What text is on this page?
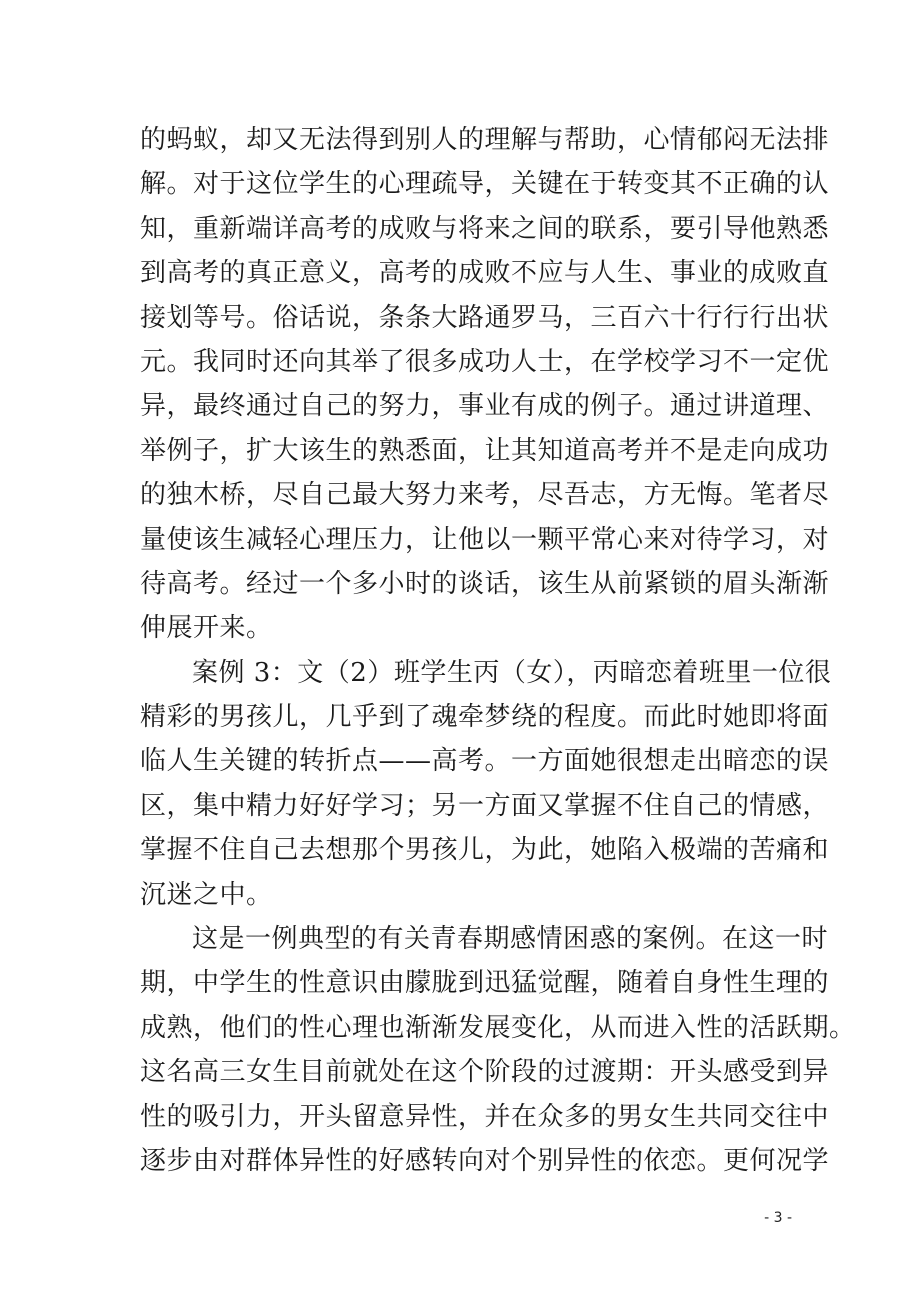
的蚂蚁，却又无法得到别人的理解与帮助，心情郁闷无法排
解。对于这位学生的心理疏导，关键在于转变其不正确的认
知，重新端详高考的成败与将来之间的联系，要引导他熟悉
到高考的真正意义，高考的成败不应与人生、事业的成败直
接划等号。俗话说，条条大路通罗马，三百六十行行行出状
元。我同时还向其举了很多成功人士，在学校学习不一定优
异，最终通过自己的努力，事业有成的例子。通过讲道理、
举例子，扩大该生的熟悉面，让其知道高考并不是走向成功
的独木桥，尽自己最大努力来考，尽吾志，方无悔。笔者尽
量使该生减轻心理压力，让他以一颗平常心来对待学习，对
待高考。经过一个多小时的谈话，该生从前紧锁的眉头渐渐
伸展开来。
案例 3：文（2）班学生丙（女），丙暗恋着班里一位很
精彩的男孩儿，几乎到了魂牵梦绕的程度。而此时她即将面
临人生关键的转折点——高考。一方面她很想走出暗恋的误
区，集中精力好好学习；另一方面又掌握不住自己的情感，
掌握不住自己去想那个男孩儿，为此，她陷入极端的苦痛和
沉迷之中。
这是一例典型的有关青春期感情困惑的案例。在这一时
期，中学生的性意识由朦胧到迅猛觉醒，随着自身性生理的
成熟，他们的性心理也渐渐发展变化，从而进入性的活跃期。
这名高三女生目前就处在这个阶段的过渡期：开头感受到异
性的吸引力，开头留意异性，并在众多的男女生共同交往中
逐步由对群体异性的好感转向对个别异性的依恋。更何况学
- 3 -
